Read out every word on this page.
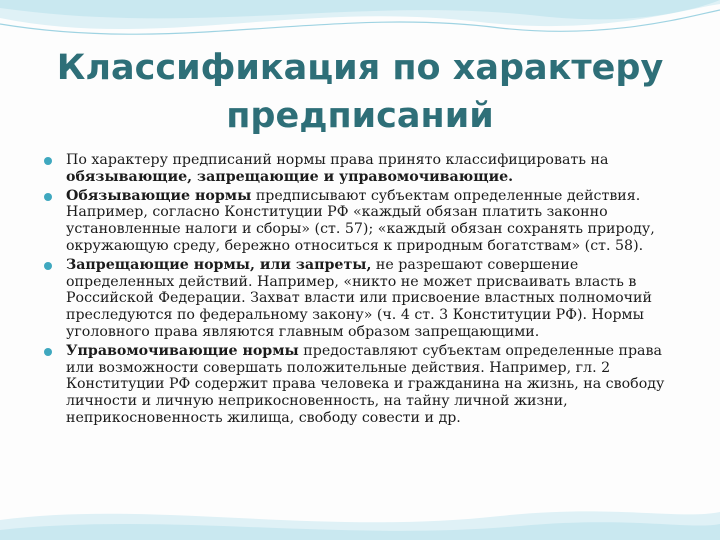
Классификация по характеру
предписаний
По характеру предписаний нормы права принято классифицировать на обязывающие, запрещающие и управомочивающие.
Обязывающие нормы предписывают субъектам определенные действия. Например, согласно Конституции РФ «каждый обязан платить законно установленные налоги и сборы» (ст. 57); «каждый обязан сохранять природу, окружающую среду, бережно относиться к природным богатствам» (ст. 58).
Запрещающие нормы, или запреты, не разрешают совершение определенных действий. Например, «никто не может присваивать власть в Российской Федерации. Захват власти или присвоение властных полномочий преследуются по федеральному закону» (ч. 4 ст. 3 Конституции РФ). Нормы уголовного права являются главным образом запрещающими.
Управомочивающие нормы предоставляют субъектам определенные права или возможности совершать положительные действия. Например, гл. 2 Конституции РФ содержит права человека и гражданина на жизнь, на свободу личности и личную неприкосновенность, на тайну личной жизни, неприкосновенность жилища, свободу совести и др.
